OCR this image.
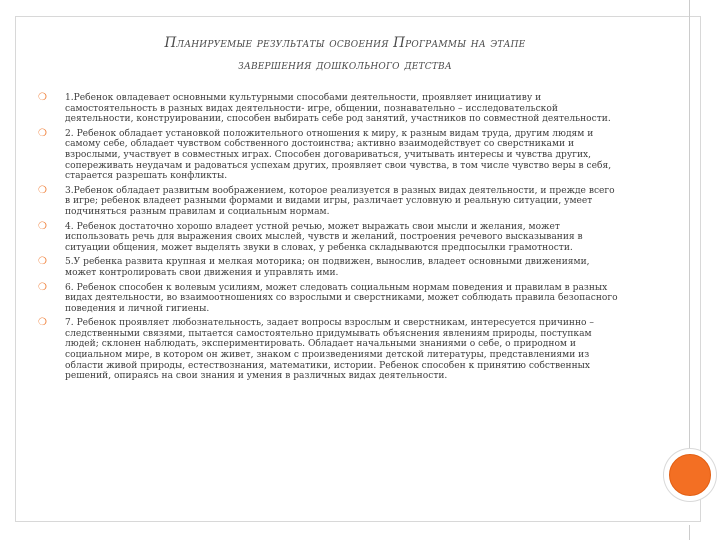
Планируемые результаты освоения Программы на этапе
завершения дошкольного детства
❍ 1.Ребенок овладевает основными культурными способами деятельности, проявляет инициативу и самостоятельность в разных видах деятельности- игре, общении, познавательно – исследовательской деятельности, конструировании, способен выбирать себе род занятий, участников по совместной деятельности.
❍ 2. Ребенок обладает установкой положительного отношения к миру, к разным видам труда, другим людям и самому себе, обладает чувством собственного достоинства; активно взаимодействует со сверстниками и взрослыми, участвует в совместных играх. Способен договариваться, учитывать интересы и чувства других, сопереживать неудачам и радоваться успехам других, проявляет свои чувства, в том числе чувство веры в себя, старается разрешать конфликты.
❍ 3.Ребенок обладает развитым воображением, которое реализуется в разных видах деятельности, и прежде всего в игре; ребенок владеет разными формами и видами игры, различает условную и реальную ситуации, умеет подчиняться разным правилам и социальным нормам.
❍ 4. Ребенок достаточно хорошо владеет устной речью, может выражать свои мысли и желания, может использовать речь для выражения своих мыслей, чувств и желаний, построения речевого высказывания в ситуации общения, может выделять звуки в словах, у ребенка складываются предпосылки грамотности.
❍ 5.У ребенка развита крупная и мелкая моторика; он подвижен, вынослив, владеет основными движениями, может контролировать свои движения и управлять ими.
❍ 6. Ребенок способен к волевым усилиям, может следовать социальным нормам поведения и правилам в разных видах деятельности, во взаимоотношениях со взрослыми и сверстниками, может соблюдать правила безопасного поведения и личной гигиены.
❍ 7. Ребенок проявляет любознательность, задает вопросы взрослым и сверстникам, интересуется причинно – следственными связями, пытается самостоятельно придумывать объяснения явлениям природы, поступкам людей; склонен наблюдать, экспериментировать. Обладает начальными знаниями о себе, о природном и социальном мире, в котором он живет, знаком с произведениями детской литературы, представлениями из области живой природы, естествознания, математики, истории. Ребенок способен к принятию собственных решений, опираясь на свои знания и умения в различных видах деятельности.
